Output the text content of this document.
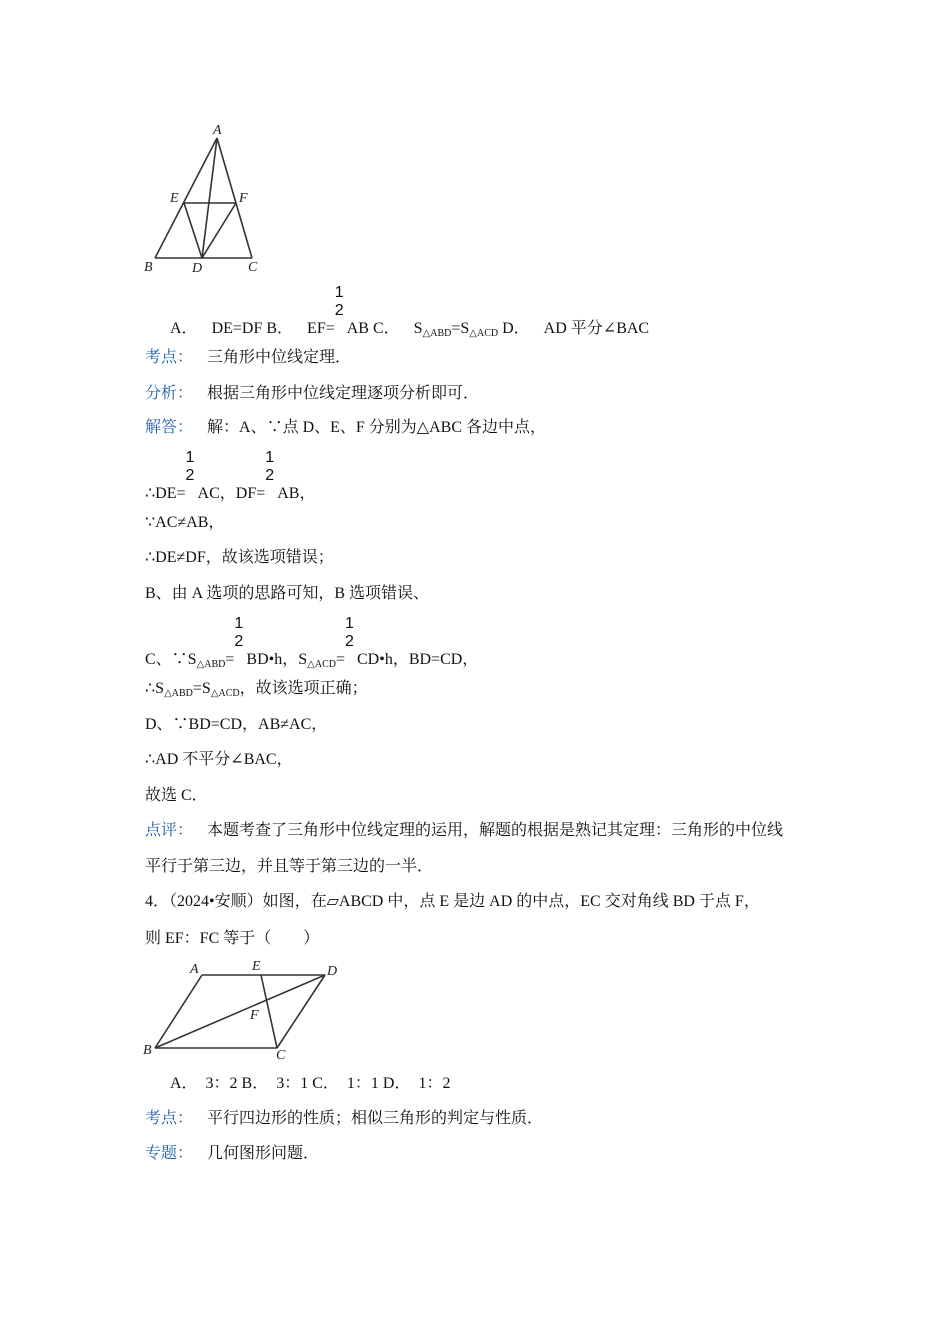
A
E	F
B	D	C
A． DE=DF B． EF=
1
2
AB C． $S_{\triangle ABD}=S_{\triangle ACD}$ D． AD 平分∠BAC
考点： 三角形中位线定理．
分析： 根据三角形中位线定理逐项分析即可．
解答： 解：A、∵点 D、E、F 分别为△ABC 各边中点，
∴DE=
1
2
AC，DF=
1
2
AB，
∵AC≠AB，
∴DE≠DF，故该选项错误；
B、由 A 选项的思路可知，B 选项错误、
C、$\because S_{\triangle ABD}=$
1
2
BD•h，$S_{\triangle ACD}=$
1
2
CD•h，BD=CD，
$\therefore S_{\triangle ABD}=S_{\triangle ACD}$，故该选项正确；
D、∵BD=CD，AB≠AC，
∴AD 不平分∠BAC，
故选 C．
点评： 本题考查了三角形中位线定理的运用，解题的根据是熟记其定理：三角形的中位线
平行于第三边，并且等于第三边的一半．
4．（2024•安顺）如图，在▱ABCD 中，点 E 是边 AD 的中点，EC 交对角线 BD 于点 F，
则 EF：FC 等于（　　）
A	E	D
F
B	C
A．　3：2 B．　3：1 C．　1：1 D．　1：2
考点： 平行四边形的性质；相似三角形的判定与性质．
专题： 几何图形问题．
